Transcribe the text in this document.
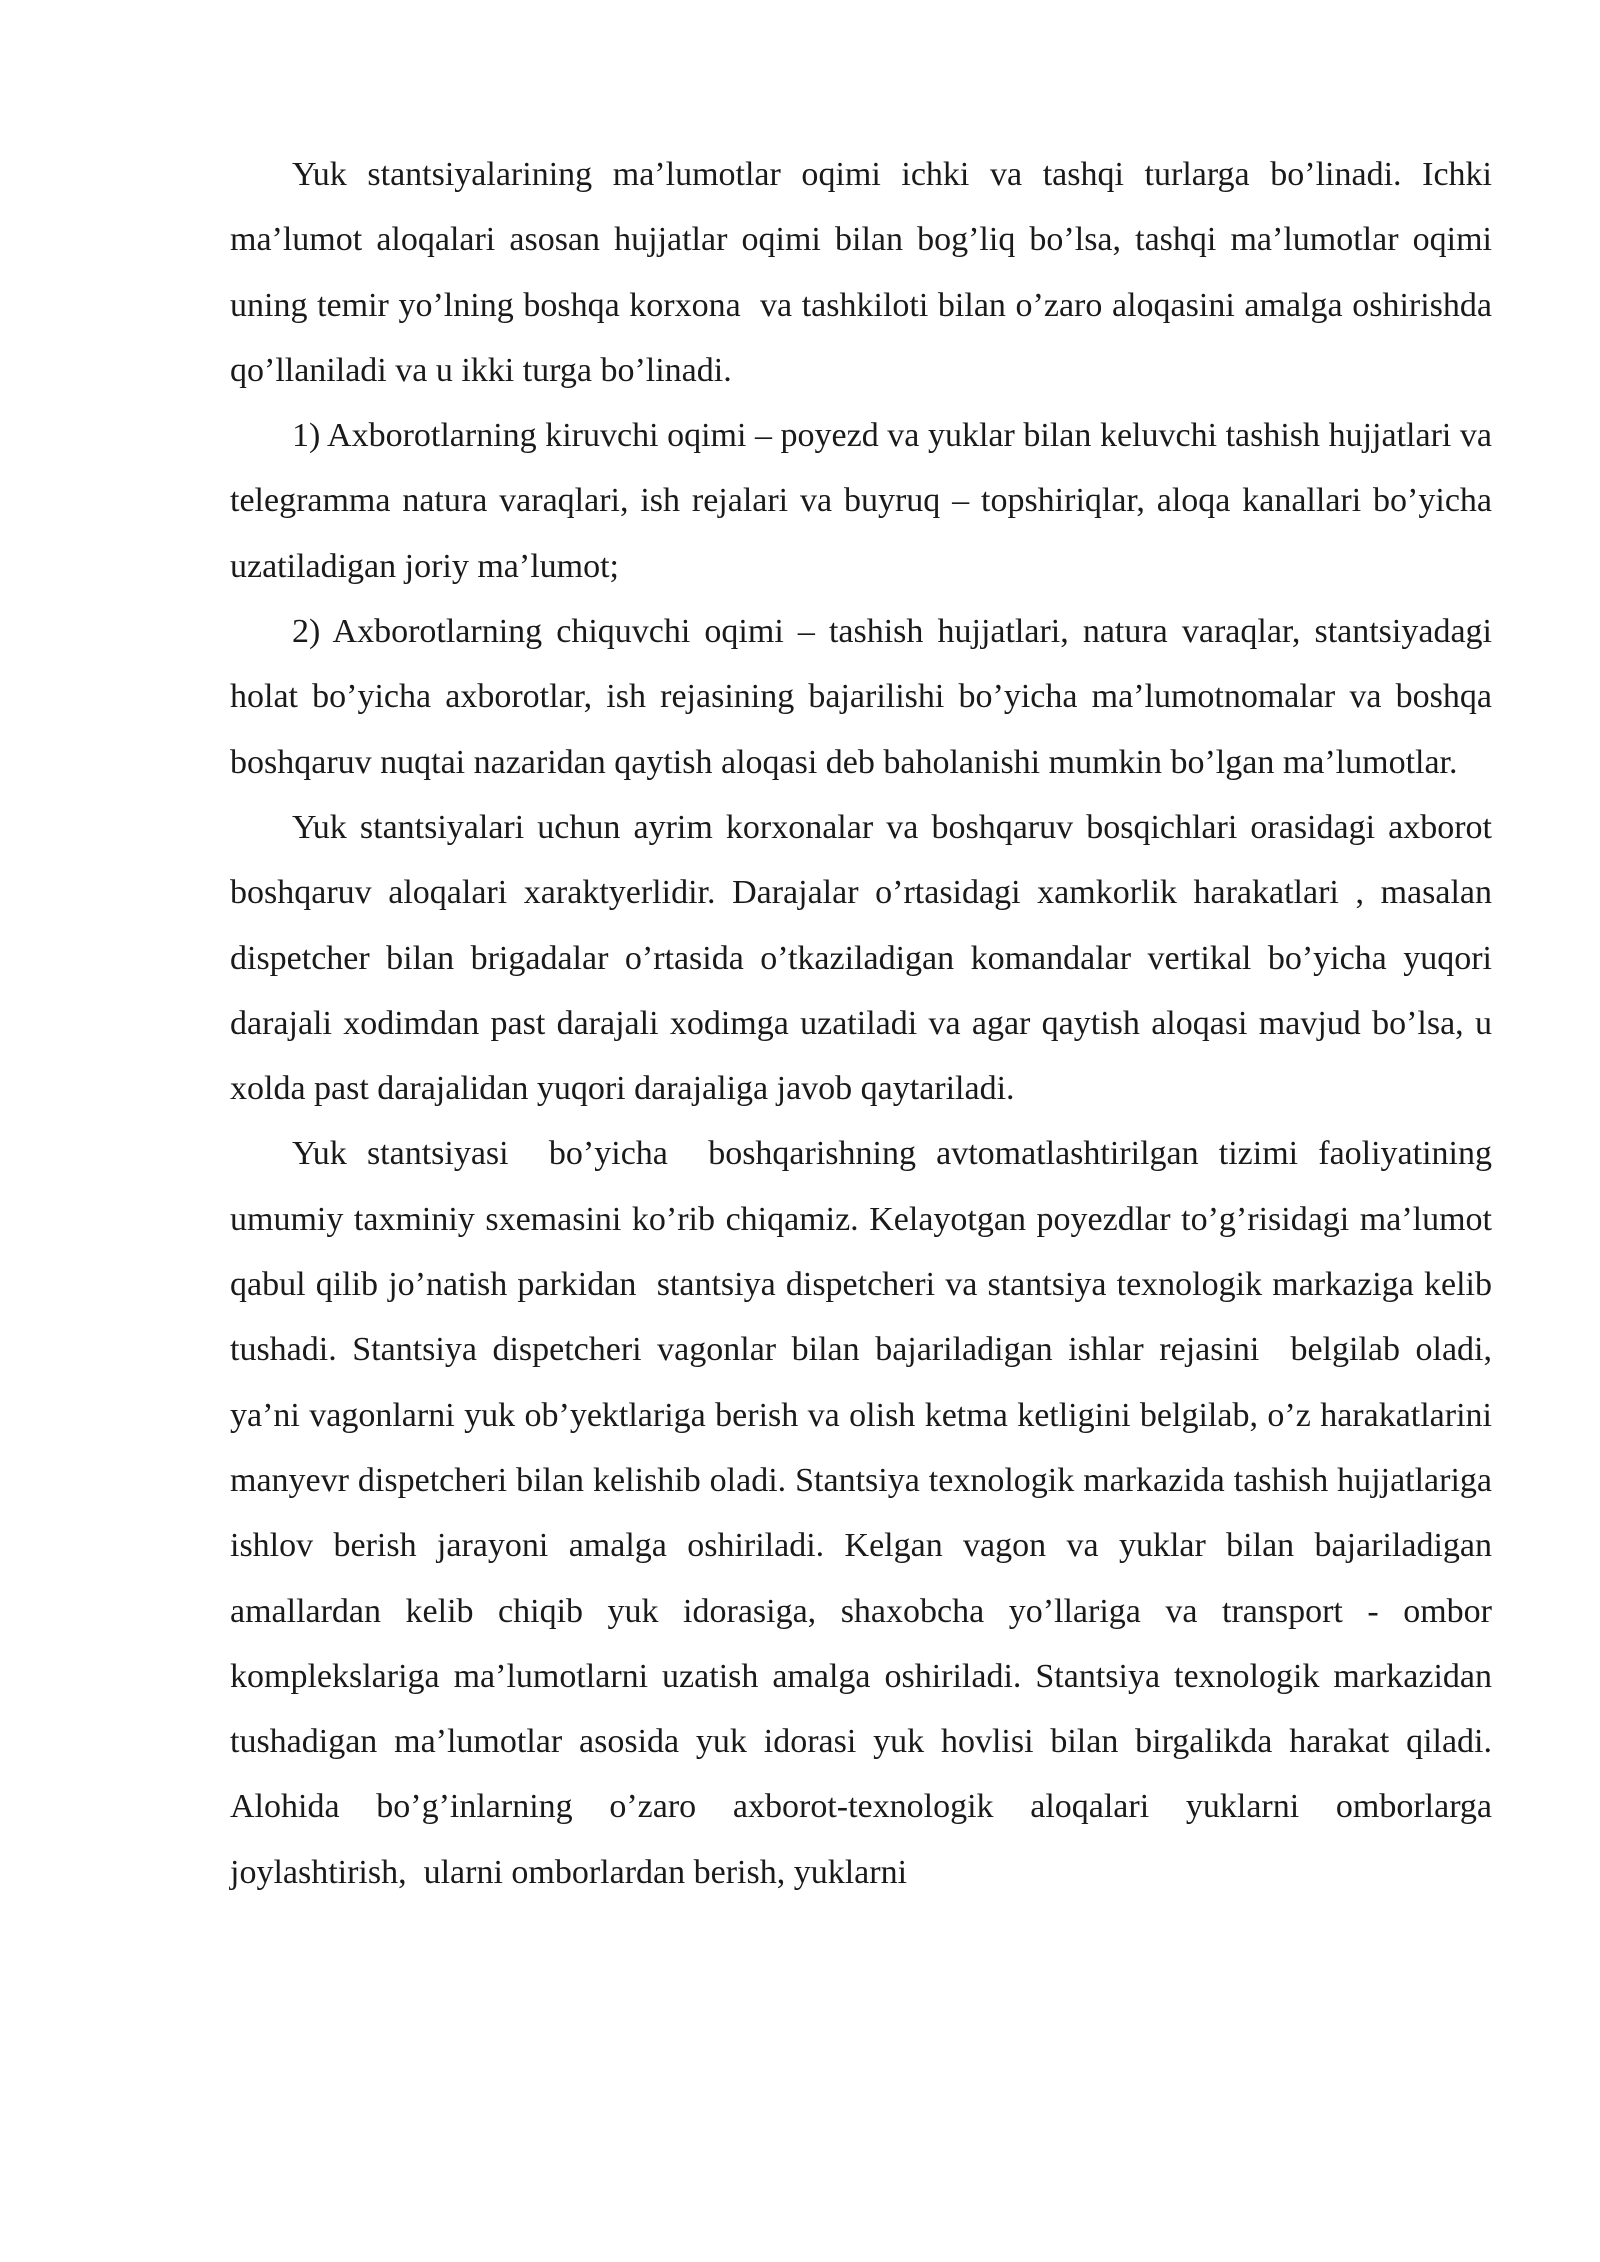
Yuk stantsiyalarining ma’lumotlar oqimi ichki va tashqi turlarga bo’linadi. Ichki ma’lumot aloqalari asosan hujjatlar oqimi bilan bog’liq bo’lsa, tashqi ma’lumotlar oqimi  uning temir yo’lning boshqa korxona  va tashkiloti bilan o’zaro aloqasini amalga oshirishda qo’llaniladi va u ikki turga bo’linadi.

1) Axborotlarning kiruvchi oqimi – poyezd va yuklar bilan keluvchi tashish hujjatlari va telegramma natura varaqlari, ish rejalari va buyruq – topshiriqlar, aloqa kanallari bo’yicha uzatiladigan joriy ma’lumot;

2) Axborotlarning chiquvchi oqimi – tashish hujjatlari, natura varaqlar, stantsiyadagi holat bo’yicha axborotlar, ish rejasining bajarilishi bo’yicha ma’lumotnomalar va boshqa boshqaruv nuqtai nazaridan qaytish aloqasi deb baholanishi mumkin bo’lgan ma’lumotlar.

Yuk stantsiyalari uchun ayrim korxonalar va boshqaruv bosqichlari orasidagi axborot boshqaruv aloqalari xaraktyerlidir. Darajalar o’rtasidagi xamkorlik harakatlari , masalan dispetcher bilan brigadalar o’rtasida o’tkaziladigan komandalar vertikal bo’yicha yuqori darajali xodimdan past darajali xodimga uzatiladi va agar qaytish aloqasi mavjud bo’lsa, u xolda past darajalidan yuqori darajaliga javob qaytariladi.

Yuk stantsiyasi  bo’yicha  boshqarishning avtomatlashtirilgan tizimi faoliyatining umumiy taxminiy sxemasini ko’rib chiqamiz. Kelayotgan poyezdlar to’g’risidagi ma’lumot qabul qilib jo’natish parkidan  stantsiya dispetcheri va stantsiya texnologik markaziga kelib tushadi. Stantsiya dispetcheri vagonlar bilan bajariladigan ishlar rejasini  belgilab oladi, ya’ni vagonlarni yuk ob’yektlariga berish va olish ketma ketligini belgilab, o’z harakatlarini manyevr dispetcheri bilan kelishib oladi. Stantsiya texnologik markazida tashish hujjatlariga ishlov berish jarayoni amalga oshiriladi. Kelgan vagon va yuklar bilan bajariladigan amallardan kelib chiqib yuk idorasiga, shaxobcha yo’llariga va transport - ombor komplekslariga ma’lumotlarni uzatish amalga oshiriladi. Stantsiya texnologik markazidan tushadigan ma’lumotlar asosida yuk idorasi yuk hovlisi bilan birgalikda harakat qiladi.  Alohida bo’g’inlarning o’zaro axborot-texnologik aloqalari yuklarni omborlarga joylashtirish,  ularni omborlardan berish, yuklarni
